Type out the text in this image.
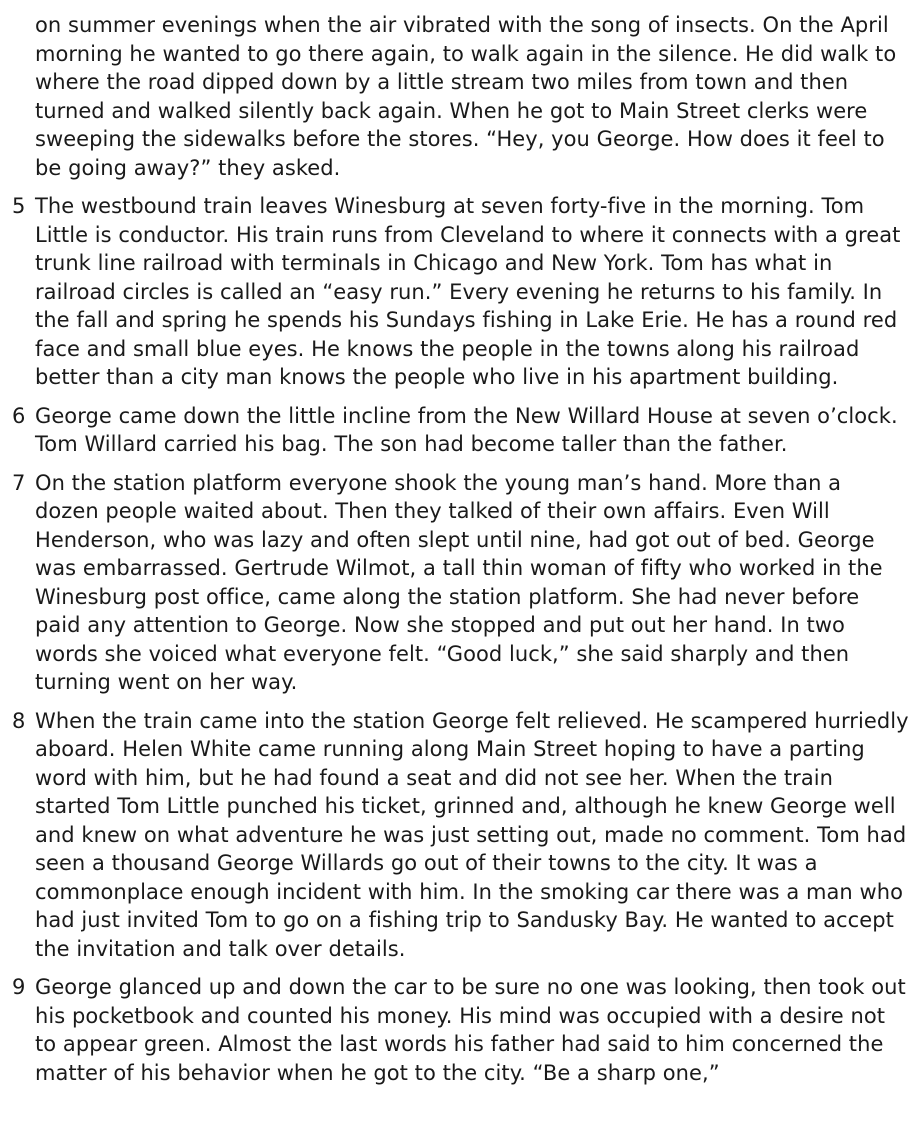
on summer evenings when the air vibrated with the song of insects. On the April morning he wanted to go there again, to walk again in the silence. He did walk to where the road dipped down by a little stream two miles from town and then turned and walked silently back again. When he got to Main Street clerks were sweeping the sidewalks before the stores. “Hey, you George. How does it feel to be going away?” they asked.
5 The westbound train leaves Winesburg at seven forty-five in the morning. Tom Little is conductor. His train runs from Cleveland to where it connects with a great trunk line railroad with terminals in Chicago and New York. Tom has what in railroad circles is called an “easy run.” Every evening he returns to his family. In the fall and spring he spends his Sundays fishing in Lake Erie. He has a round red face and small blue eyes. He knows the people in the towns along his railroad better than a city man knows the people who live in his apartment building.
6 George came down the little incline from the New Willard House at seven o’clock. Tom Willard carried his bag. The son had become taller than the father.
7 On the station platform everyone shook the young man’s hand. More than a dozen people waited about. Then they talked of their own affairs. Even Will Henderson, who was lazy and often slept until nine, had got out of bed. George was embarrassed. Gertrude Wilmot, a tall thin woman of fifty who worked in the Winesburg post office, came along the station platform. She had never before paid any attention to George. Now she stopped and put out her hand. In two words she voiced what everyone felt. “Good luck,” she said sharply and then turning went on her way.
8 When the train came into the station George felt relieved. He scampered hurriedly aboard. Helen White came running along Main Street hoping to have a parting word with him, but he had found a seat and did not see her. When the train started Tom Little punched his ticket, grinned and, although he knew George well and knew on what adventure he was just setting out, made no comment. Tom had seen a thousand George Willards go out of their towns to the city. It was a commonplace enough incident with him. In the smoking car there was a man who had just invited Tom to go on a fishing trip to Sandusky Bay. He wanted to accept the invitation and talk over details.
9 George glanced up and down the car to be sure no one was looking, then took out his pocketbook and counted his money. His mind was occupied with a desire not to appear green. Almost the last words his father had said to him concerned the matter of his behavior when he got to the city. “Be a sharp one,”
